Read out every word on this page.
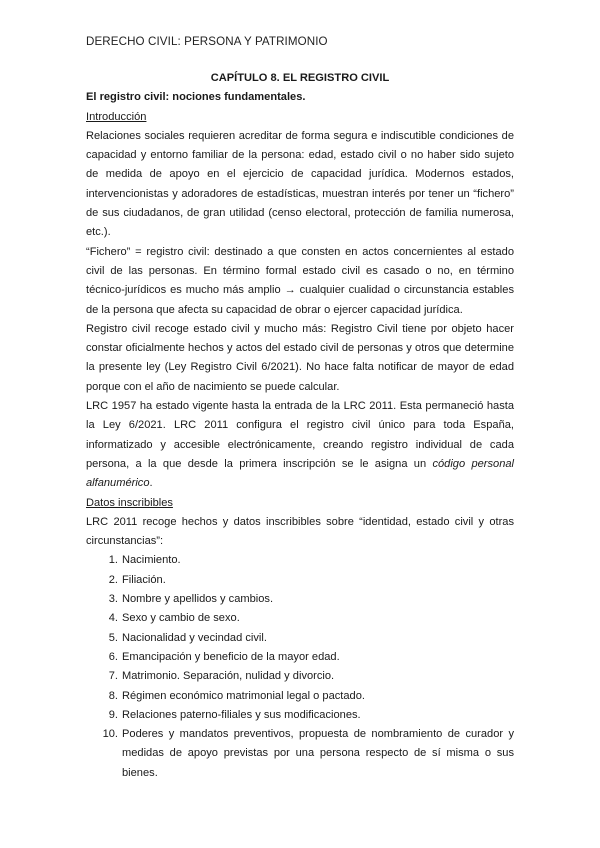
DERECHO CIVIL: PERSONA Y PATRIMONIO

CAPÍTULO 8. EL REGISTRO CIVIL

El registro civil: nociones fundamentales.

Introducción

Relaciones sociales requieren acreditar de forma segura e indiscutible condiciones de capacidad y entorno familiar de la persona: edad, estado civil o no haber sido sujeto de medida de apoyo en el ejercicio de capacidad jurídica. Modernos estados, intervencionistas y adoradores de estadísticas, muestran interés por tener un “fichero” de sus ciudadanos, de gran utilidad (censo electoral, protección de familia numerosa, etc.).

“Fichero” = registro civil: destinado a que consten en actos concernientes al estado civil de las personas. En término formal estado civil es casado o no, en término técnico-jurídicos es mucho más amplio → cualquier cualidad o circunstancia estables de la persona que afecta su capacidad de obrar o ejercer capacidad jurídica.

Registro civil recoge estado civil y mucho más: Registro Civil tiene por objeto hacer constar oficialmente hechos y actos del estado civil de personas y otros que determine la presente ley (Ley Registro Civil 6/2021). No hace falta notificar de mayor de edad porque con el año de nacimiento se puede calcular.

LRC 1957 ha estado vigente hasta la entrada de la LRC 2011. Esta permaneció hasta la Ley 6/2021. LRC 2011 configura el registro civil único para toda España, informatizado y accesible electrónicamente, creando registro individual de cada persona, a la que desde la primera inscripción se le asigna un código personal alfanumérico.

Datos inscribibles

LRC 2011 recoge hechos y datos inscribibles sobre “identidad, estado civil y otras circunstancias”:

1. Nacimiento.
2. Filiación.
3. Nombre y apellidos y cambios.
4. Sexo y cambio de sexo.
5. Nacionalidad y vecindad civil.
6. Emancipación y beneficio de la mayor edad.
7. Matrimonio. Separación, nulidad y divorcio.
8. Régimen económico matrimonial legal o pactado.
9. Relaciones paterno-filiales y sus modificaciones.
10. Poderes y mandatos preventivos, propuesta de nombramiento de curador y medidas de apoyo previstas por una persona respecto de sí misma o sus bienes.
